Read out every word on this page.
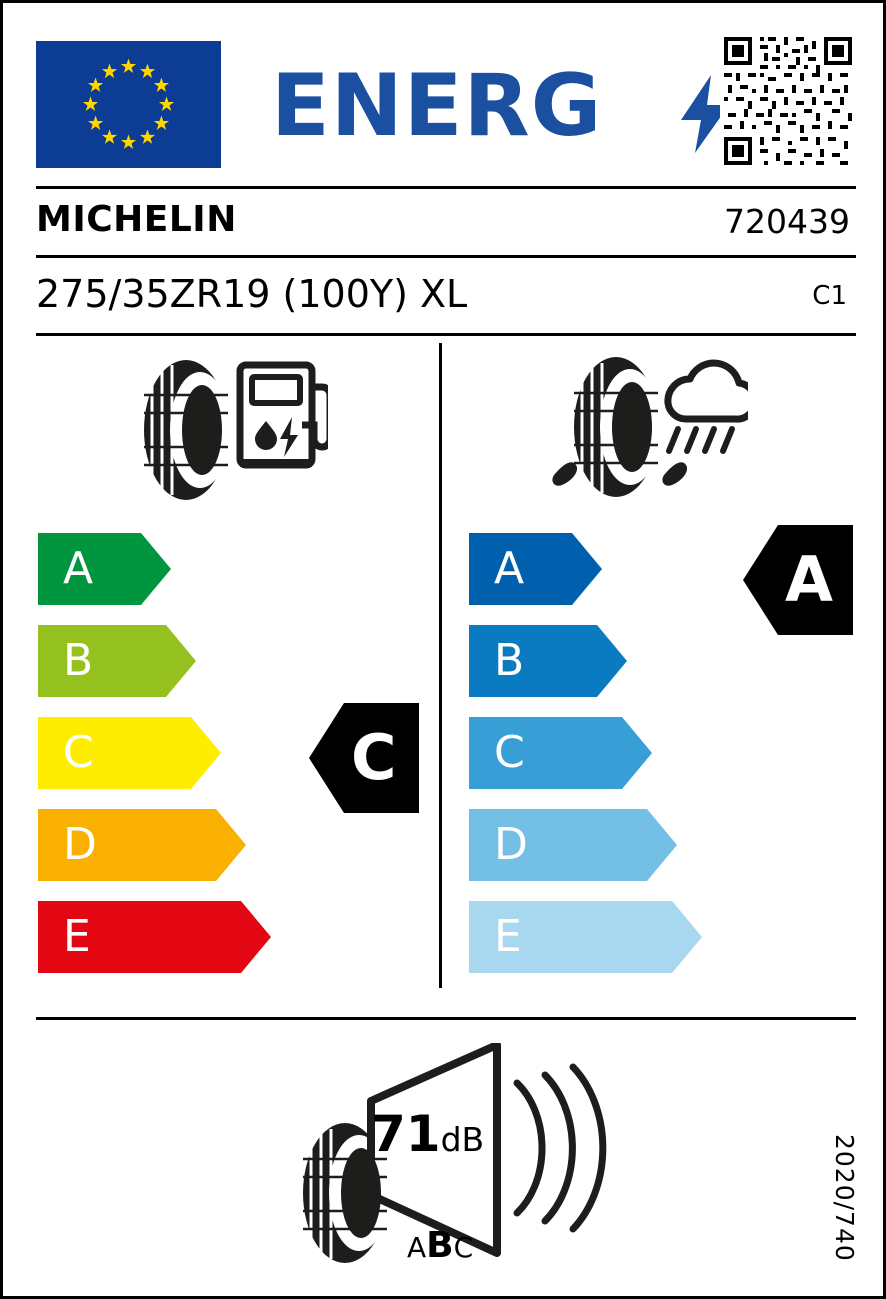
ENERG
MICHELIN	720439
275/35ZR19 (100Y) XL	C1
A
B
C
D
E
A
B
C
D
E
C
A
71dB
ABC	2020/740
